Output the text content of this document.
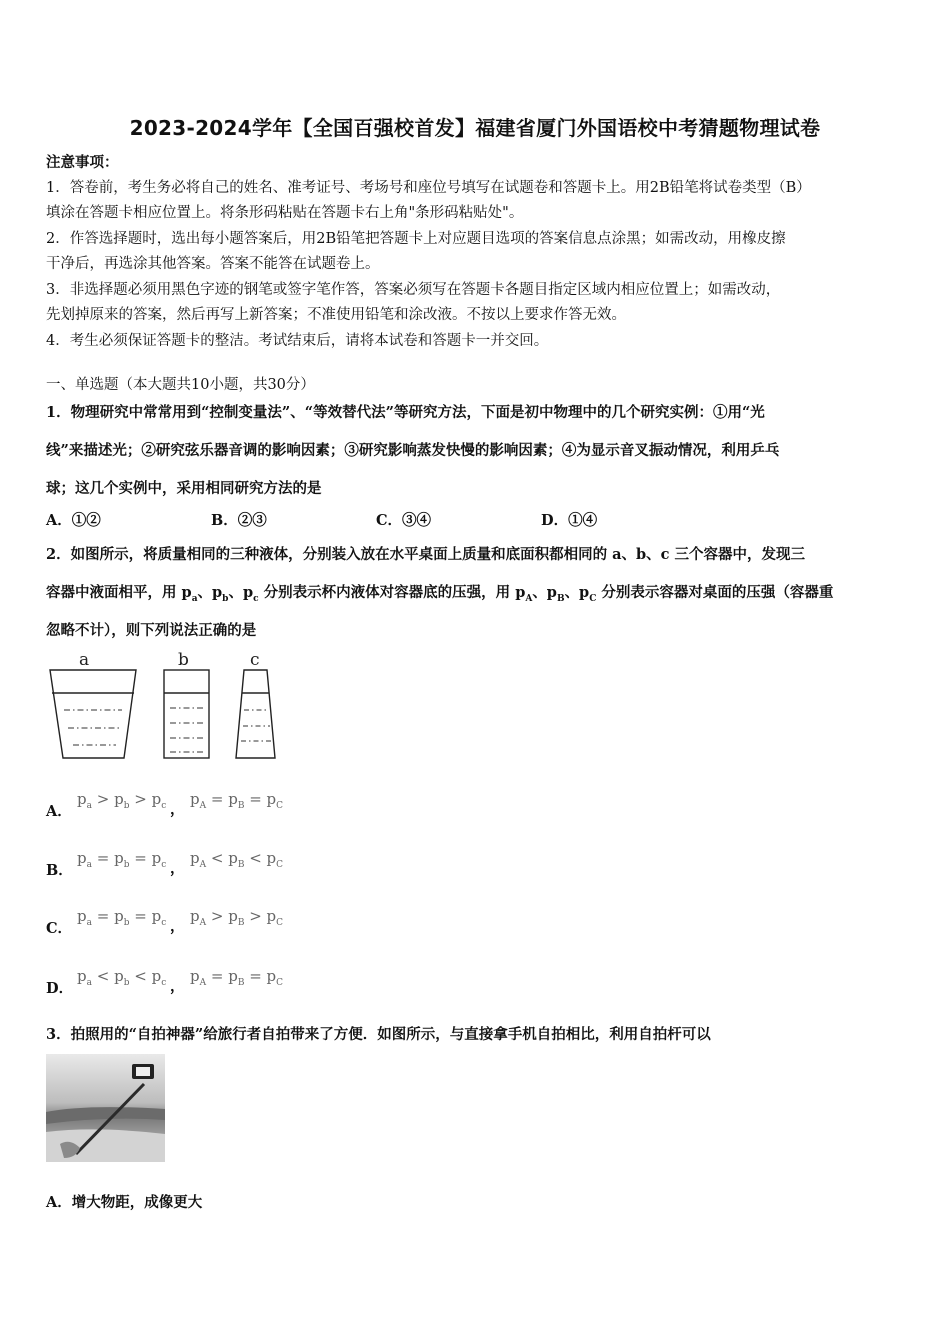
2023-2024学年【全国百强校首发】福建省厦门外国语校中考猜题物理试卷
注意事项：
1．答卷前，考生务必将自己的姓名、准考证号、考场号和座位号填写在试题卷和答题卡上。用2B铅笔将试卷类型（B）
填涂在答题卡相应位置上。将条形码粘贴在答题卡右上角"条形码粘贴处"。
2．作答选择题时，选出每小题答案后，用2B铅笔把答题卡上对应题目选项的答案信息点涂黑；如需改动，用橡皮擦
干净后，再选涂其他答案。答案不能答在试题卷上。
3．非选择题必须用黑色字迹的钢笔或签字笔作答，答案必须写在答题卡各题目指定区域内相应位置上；如需改动，
先划掉原来的答案，然后再写上新答案；不准使用铅笔和涂改液。不按以上要求作答无效。
4．考生必须保证答题卡的整洁。考试结束后，请将本试卷和答题卡一并交回。
一、单选题（本大题共10小题，共30分）
1．物理研究中常常用到“控制变量法”、“等效替代法”等研究方法，下面是初中物理中的几个研究实例：①用“光
线”来描述光；②研究弦乐器音调的影响因素；③研究影响蒸发快慢的影响因素；④为显示音叉振动情况，利用乒乓
球；这几个实例中，采用相同研究方法的是
A．①②	B．②③	C．③④	D．①④
2．如图所示，将质量相同的三种液体，分别装入放在水平桌面上质量和底面积都相同的 a、b、c 三个容器中，发现三
容器中液面相平，用 $p_a$、$p_b$、$p_c$ 分别表示杯内液体对容器底的压强，用 $p_A$、$p_B$、$p_C$ 分别表示容器对桌面的压强（容器重
忽略不计），则下列说法正确的是
a	b	c
A．
$p_a > p_b > p_c$ ，
$p_A = p_B = p_C$
B．
$p_a = p_b = p_c$ ，
$p_A < p_B < p_C$
C．
$p_a = p_b = p_c$ ，
$p_A > p_B > p_C$
D．
$p_a < p_b < p_c$ ，
$p_A = p_B = p_C$
3．拍照用的“自拍神器”给旅行者自拍带来了方便．如图所示，与直接拿手机自拍相比，利用自拍杆可以
A．增大物距，成像更大
